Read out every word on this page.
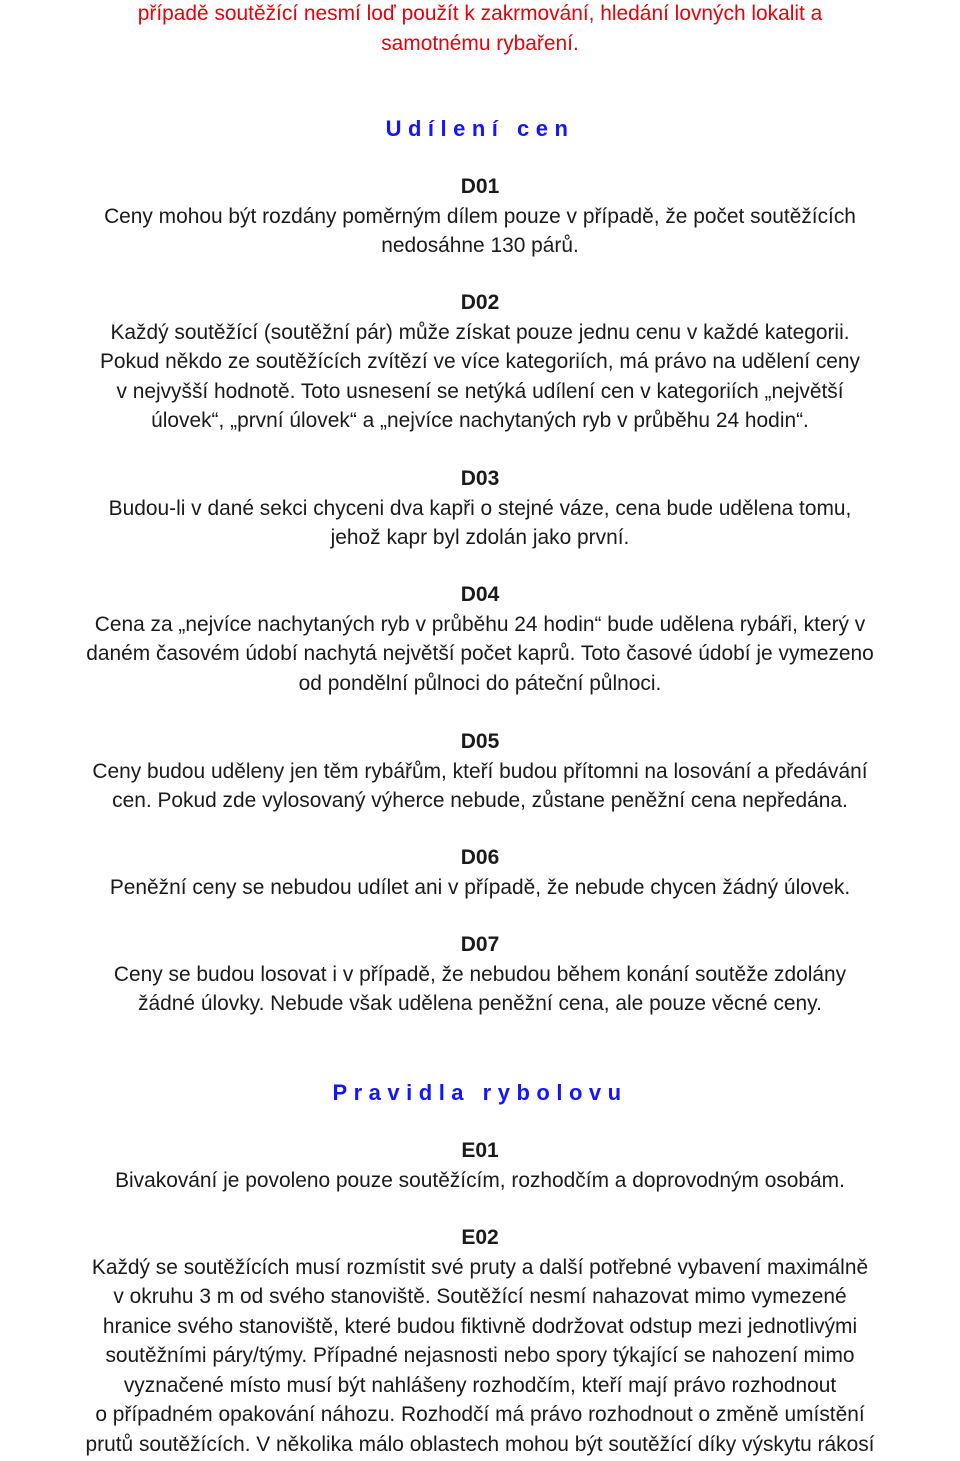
případě soutěžící nesmí loď použít k zakrmování, hledání lovných lokalit a
samotnému rybaření.
Udílení cen
D01
Ceny mohou být rozdány poměrným dílem pouze v případě, že počet soutěžících
nedosáhne 130 párů.
D02
Každý soutěžící (soutěžní pár) může získat pouze jednu cenu v každé kategorii.
Pokud někdo ze soutěžících zvítězí ve více kategoriích, má právo na udělení ceny
v nejvyšší hodnotě. Toto usnesení se netýká udílení cen v kategoriích „největší
úlovek“, „první úlovek“ a „nejvíce nachytaných ryb v průběhu 24 hodin“.
D03
Budou-li v dané sekci chyceni dva kapři o stejné váze, cena bude udělena tomu,
jehož kapr byl zdolán jako první.
D04
Cena za „nejvíce nachytaných ryb v průběhu 24 hodin“ bude udělena rybáři, který v
daném časovém údobí nachytá největší počet kaprů. Toto časové údobí je vymezeno
od pondělní půlnoci do páteční půlnoci.
D05
Ceny budou uděleny jen těm rybářům, kteří budou přítomni na losování a předávání
cen. Pokud zde vylosovaný výherce nebude, zůstane peněžní cena nepředána.
D06
Peněžní ceny se nebudou udílet ani v případě, že nebude chycen žádný úlovek.
D07
Ceny se budou losovat i v případě, že nebudou během konání soutěže zdolány
žádné úlovky. Nebude však udělena peněžní cena, ale pouze věcné ceny.
Pravidla rybolovu
E01
Bivakování je povoleno pouze soutěžícím, rozhodčím a doprovodným osobám.
E02
Každý se soutěžících musí rozmístit své pruty a další potřebné vybavení maximálně
v okruhu 3 m od svého stanoviště. Soutěžící nesmí nahazovat mimo vymezené
hranice svého stanoviště, které budou fiktivně dodržovat odstup mezi jednotlivými
soutěžními páry/týmy. Případné nejasnosti nebo spory týkající se nahození mimo
vyznačené místo musí být nahlášeny rozhodčím, kteří mají právo rozhodnout
o případném opakování náhozu. Rozhodčí má právo rozhodnout o změně umístění
prutů soutěžících. V několika málo oblastech mohou být soutěžící díky výskytu rákosí
